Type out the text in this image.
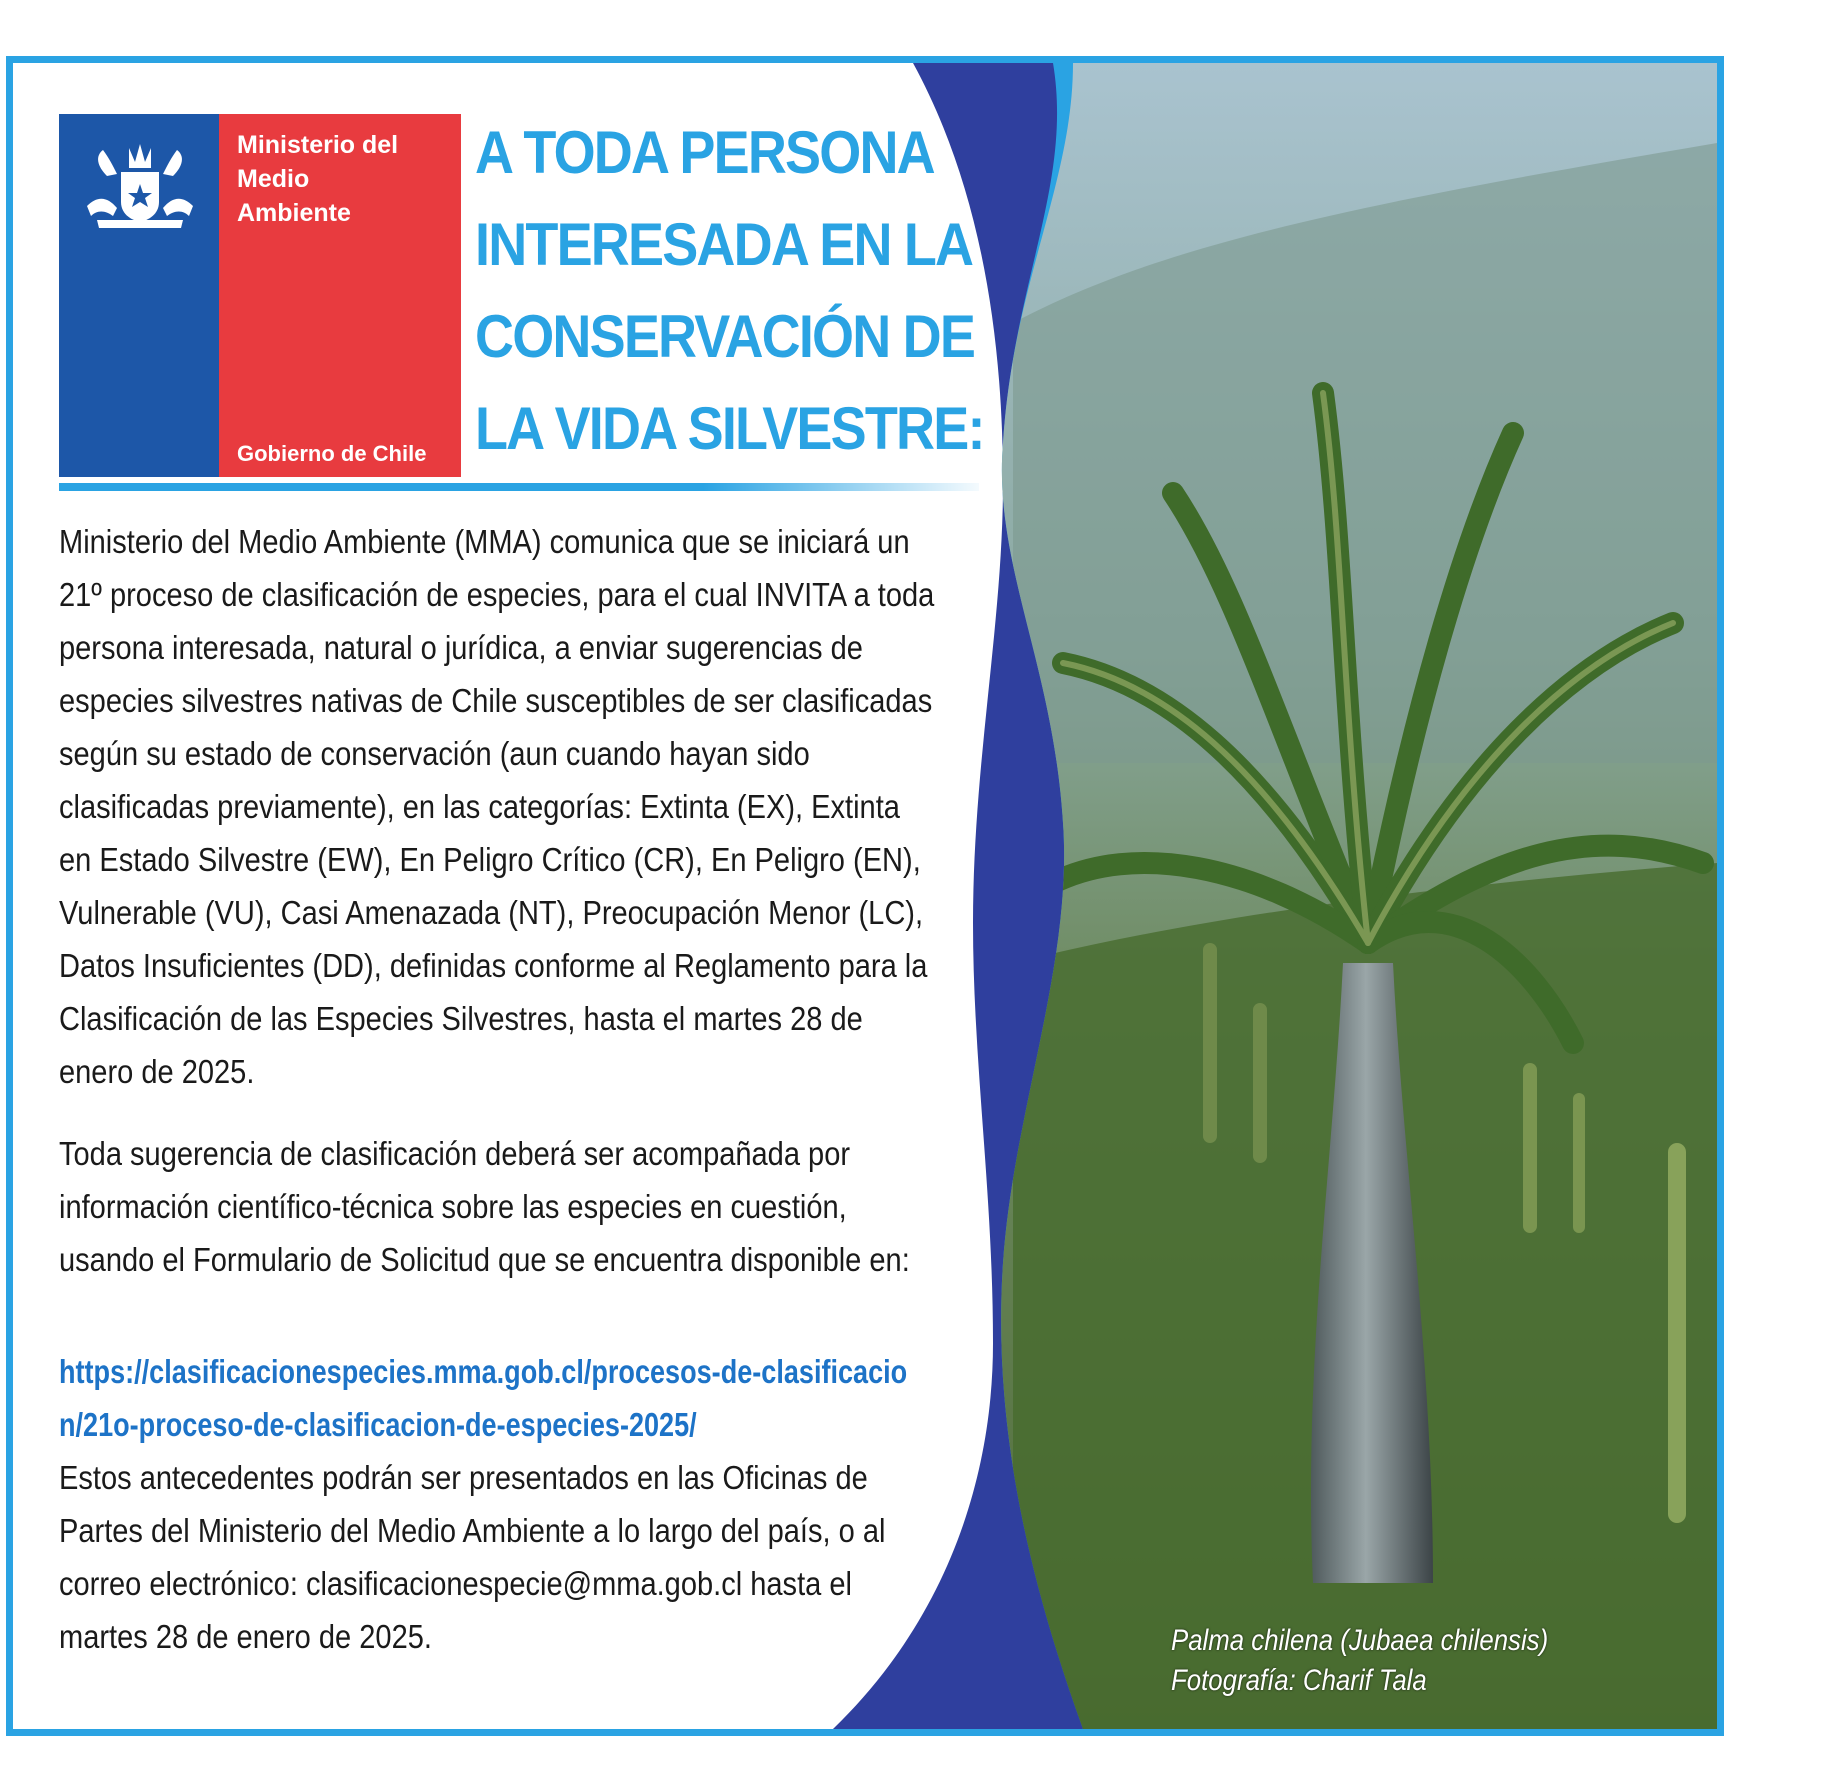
Ministerio del
Medio
Ambiente
Gobierno de Chile
A TODA PERSONA
INTERESADA EN LA
CONSERVACIÓN DE
LA VIDA SILVESTRE:

Ministerio del Medio Ambiente (MMA) comunica que se iniciará un 21º proceso de clasificación de especies, para el cual INVITA a toda persona interesada, natural o jurídica, a enviar sugerencias de especies silvestres nativas de Chile susceptibles de ser clasificadas según su estado de conservación (aun cuando hayan sido clasificadas previamente), en las categorías: Extinta (EX), Extinta en Estado Silvestre (EW), En Peligro Crítico (CR), En Peligro (EN), Vulnerable (VU), Casi Amenazada (NT), Preocupación Menor (LC), Datos Insuficientes (DD), definidas conforme al Reglamento para la Clasificación de las Especies Silvestres, hasta el martes 28 de enero de 2025.

Toda sugerencia de clasificación deberá ser acompañada por información científico-técnica sobre las especies en cuestión, usando el Formulario de Solicitud que se encuentra disponible en:

https://clasificacionespecies.mma.gob.cl/procesos-de-clasificacion/21o-proceso-de-clasificacion-de-especies-2025/

Estos antecedentes podrán ser presentados en las Oficinas de Partes del Ministerio del Medio Ambiente a lo largo del país, o al correo electrónico: clasificacionespecie@mma.gob.cl hasta el martes 28 de enero de 2025.	Palma chilena (Jubaea chilensis)
Fotografía: Charif Tala
